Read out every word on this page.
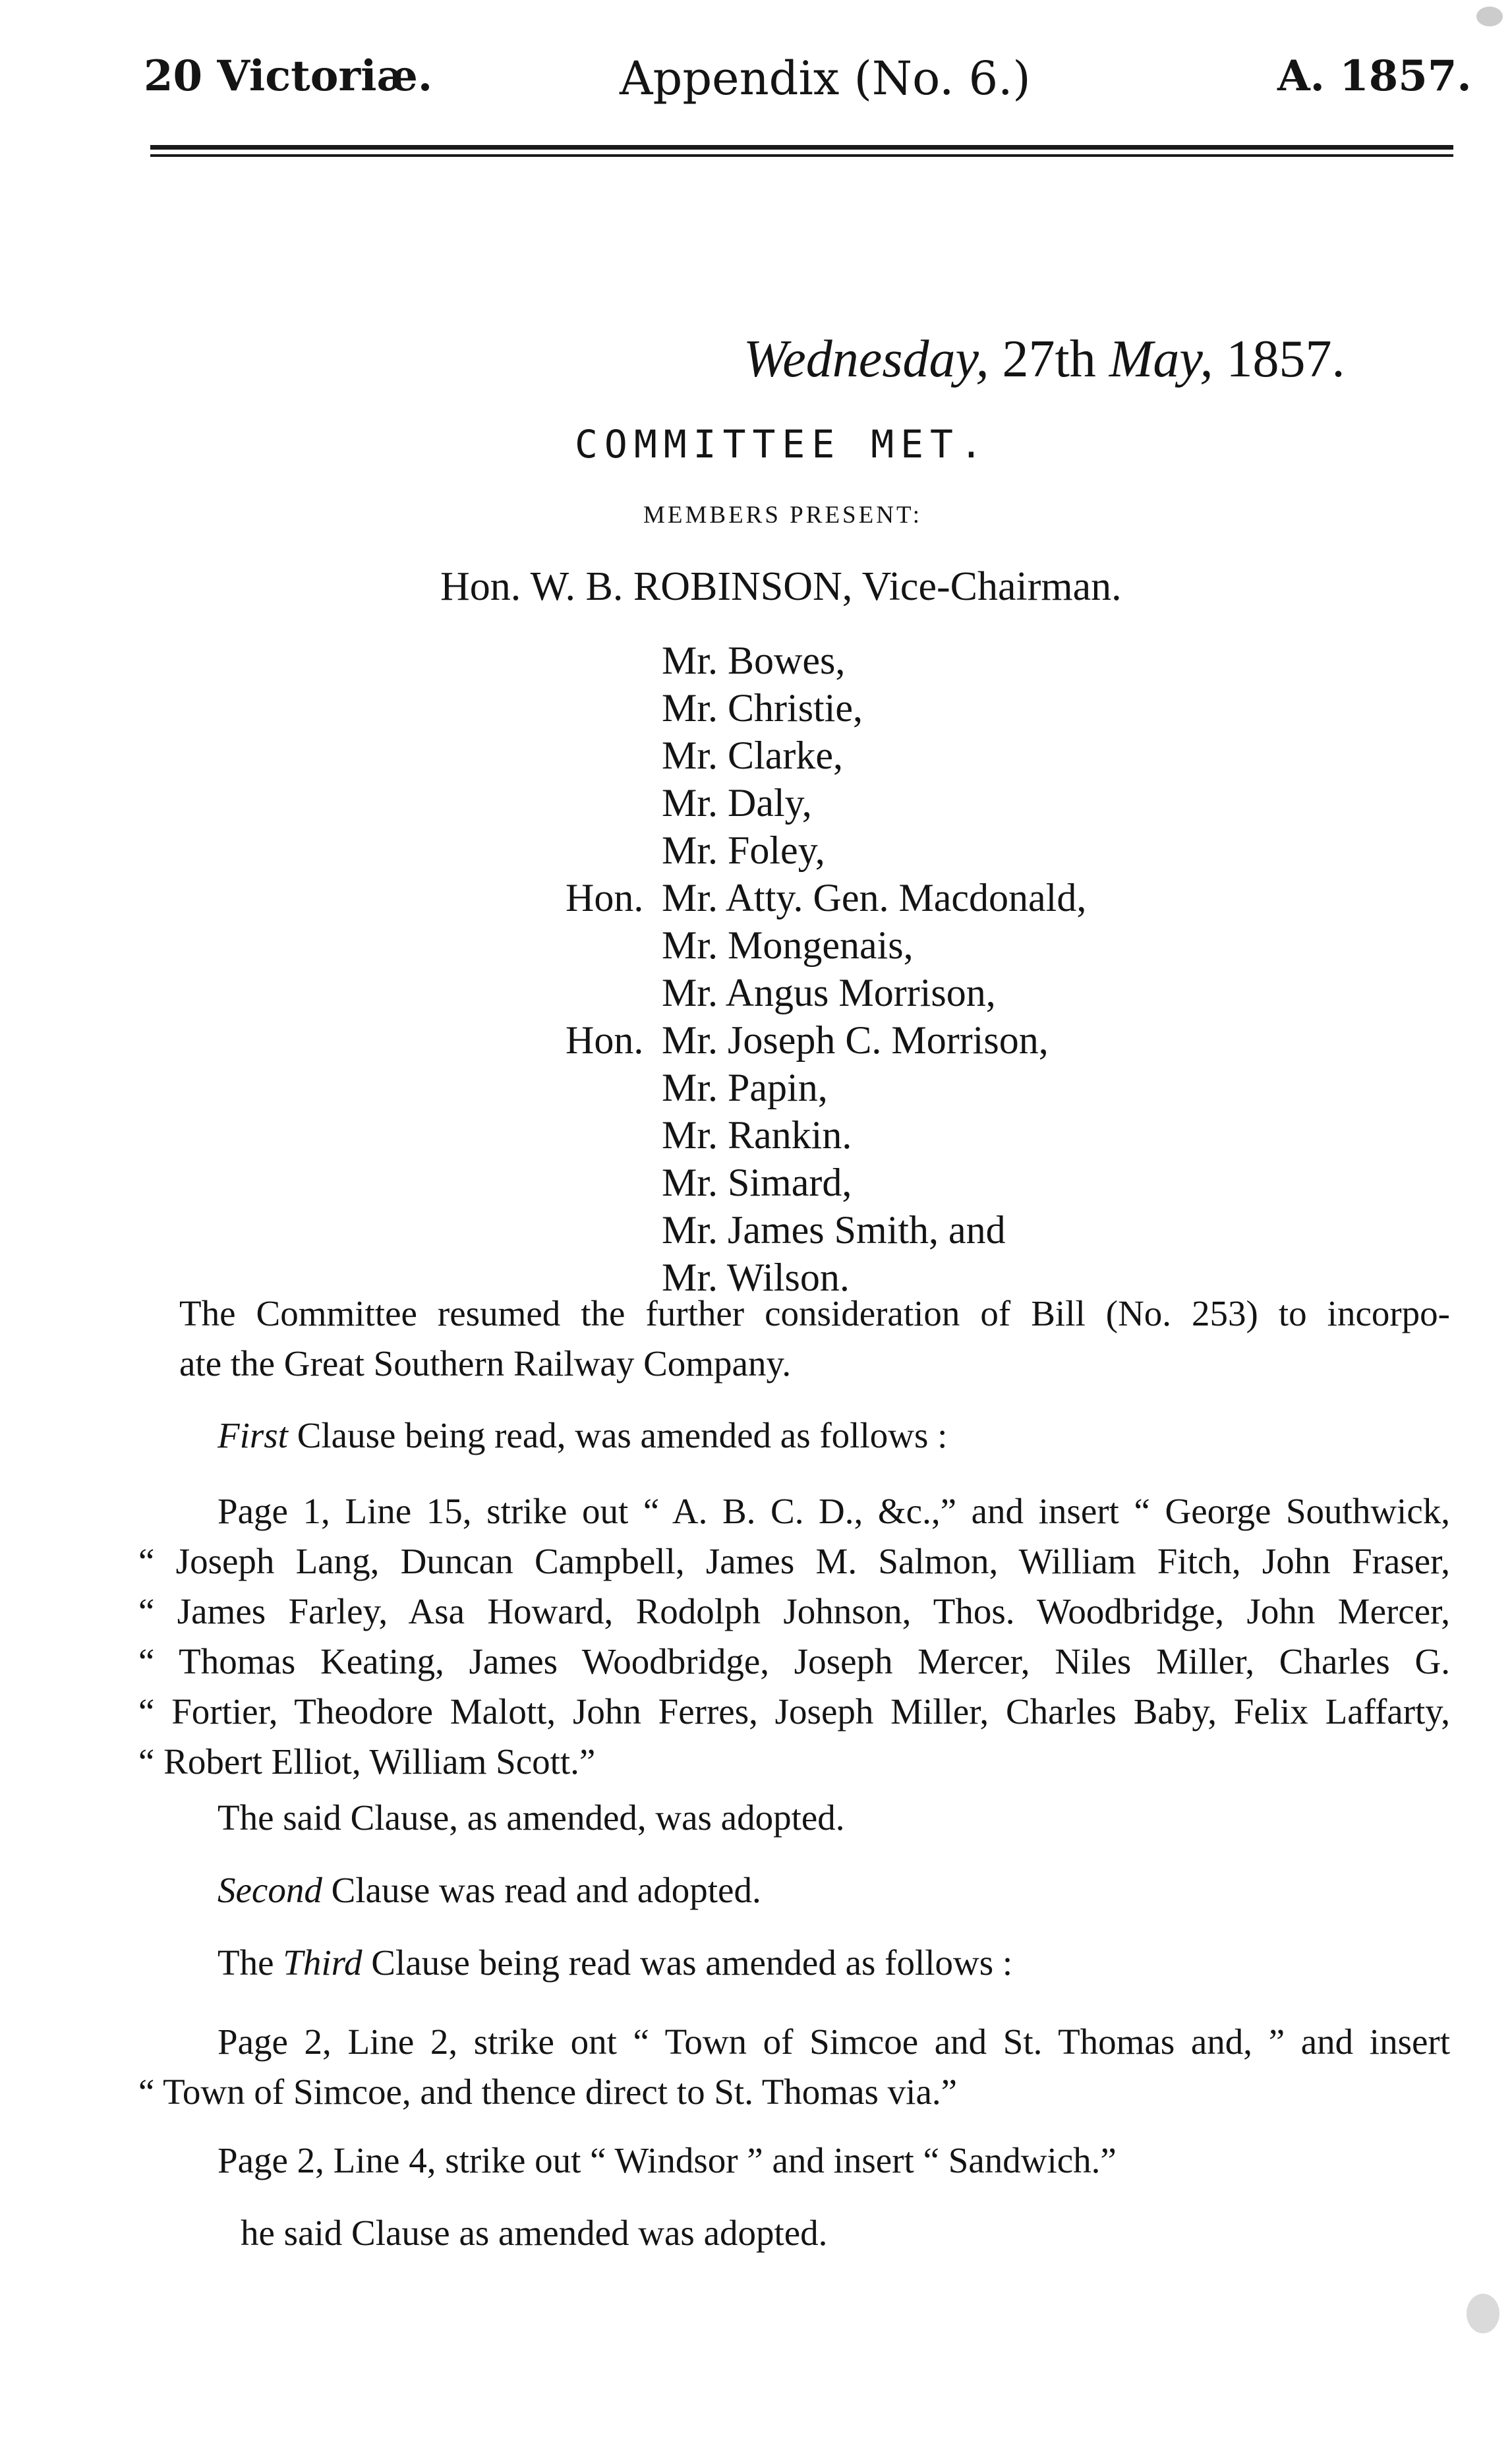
20 Victoriæ.	Appendix (No. 6.)	A. 1857.
Wednesday, 27th May, 1857.
COMMITTEE MET.
MEMBERS PRESENT:
Hon. W. B. ROBINSON, Vice-Chairman.
Mr. Bowes,
Mr. Christie,
Mr. Clarke,
Mr. Daly,
Mr. Foley,
Hon. Mr. Atty. Gen. Macdonald,
Mr. Mongenais,
Mr. Angus Morrison,
Hon. Mr. Joseph C. Morrison,
Mr. Papin,
Mr. Rankin.
Mr. Simard,
Mr. James Smith, and
Mr. Wilson.
The Committee resumed the further consideration of Bill (No. 253) to incorpo-
ate the Great Southern Railway Company.
First Clause being read, was amended as follows :
Page 1, Line 15, strike out “ A. B. C. D., &c.,” and insert “ George Southwick,
“ Joseph Lang, Duncan Campbell, James M. Salmon, William Fitch, John Fraser,
“ James Farley, Asa Howard, Rodolph Johnson, Thos. Woodbridge, John Mercer,
“ Thomas Keating, James Woodbridge, Joseph Mercer, Niles Miller, Charles G.
“ Fortier, Theodore Malott, John Ferres, Joseph Miller, Charles Baby, Felix Laffarty,
“ Robert Elliot, William Scott.”
The said Clause, as amended, was adopted.
Second Clause was read and adopted.
The Third Clause being read was amended as follows :
Page 2, Line 2, strike ont “ Town of Simcoe and St. Thomas and, ” and insert
“ Town of Simcoe, and thence direct to St. Thomas via.”
Page 2, Line 4, strike out “ Windsor ” and insert “ Sandwich.”
he said Clause as amended was adopted.
